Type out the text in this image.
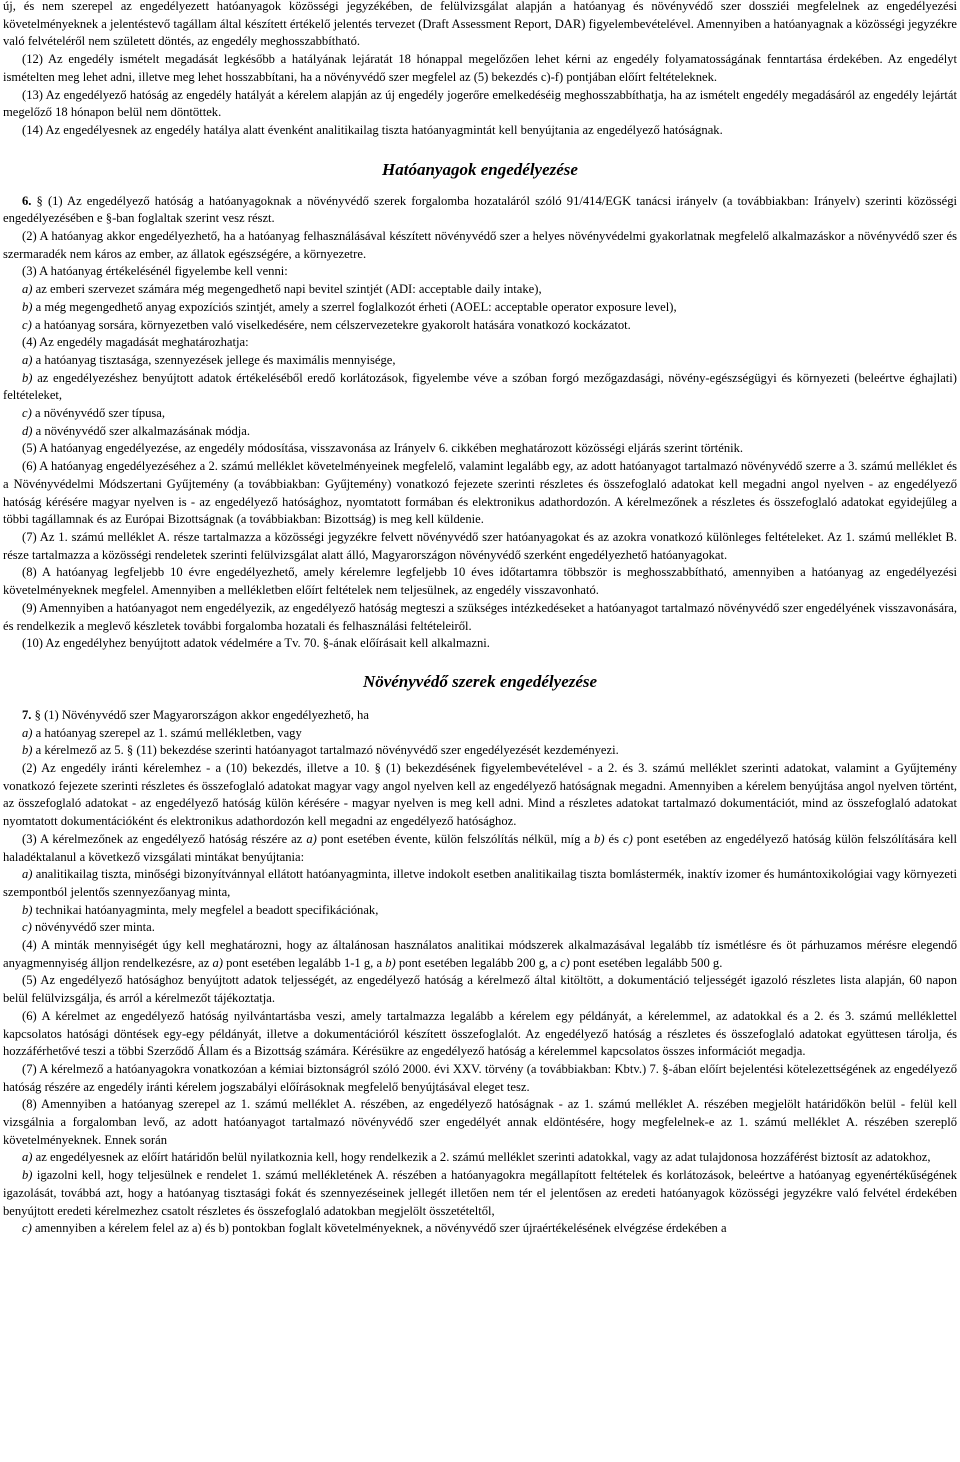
új, és nem szerepel az engedélyezett hatóanyagok közösségi jegyzékében, de felülvizsgálat alapján a hatóanyag és növényvédő szer dossziéi megfelelnek az engedélyezési követelményeknek a jelentéstevő tagállam által készített értékelő jelentés tervezet (Draft Assessment Report, DAR) figyelembevételével. Amennyiben a hatóanyagnak a közösségi jegyzékre való felvételéről nem született döntés, az engedély meghosszabbítható.

(12) Az engedély ismételt megadását legkésőbb a hatályának lejáratát 18 hónappal megelőzően lehet kérni az engedély folyamatosságának fenntartása érdekében. Az engedélyt ismételten meg lehet adni, illetve meg lehet hosszabbítani, ha a növényvédő szer megfelel az (5) bekezdés c)-f) pontjában előírt feltételeknek.

(13) Az engedélyező hatóság az engedély hatályát a kérelem alapján az új engedély jogerőre emelkedéséig meghosszabbíthatja, ha az ismételt engedély megadásáról az engedély lejártát megelőző 18 hónapon belül nem döntöttek.

(14) Az engedélyesnek az engedély hatálya alatt évenként analitikailag tiszta hatóanyagmintát kell benyújtania az engedélyező hatóságnak.

Hatóanyagok engedélyezése

6. § (1) Az engedélyező hatóság a hatóanyagoknak a növényvédő szerek forgalomba hozataláról szóló 91/414/EGK tanácsi irányelv (a továbbiakban: Irányelv) szerinti közösségi engedélyezésében e §-ban foglaltak szerint vesz részt.

(2) A hatóanyag akkor engedélyezhető, ha a hatóanyag felhasználásával készített növényvédő szer a helyes növényvédelmi gyakorlatnak megfelelő alkalmazáskor a növényvédő szer és szermaradék nem káros az ember, az állatok egészségére, a környezetre.

(3) A hatóanyag értékelésénél figyelembe kell venni:

a) az emberi szervezet számára még megengedhető napi bevitel szintjét (ADI: acceptable daily intake),

b) a még megengedhető anyag expozíciós szintjét, amely a szerrel foglalkozót érheti (AOEL: acceptable operator exposure level),

c) a hatóanyag sorsára, környezetben való viselkedésére, nem célszervezetekre gyakorolt hatására vonatkozó kockázatot.

(4) Az engedély magadását meghatározhatja:

a) a hatóanyag tisztasága, szennyezések jellege és maximális mennyisége,

b) az engedélyezéshez benyújtott adatok értékeléséből eredő korlátozások, figyelembe véve a szóban forgó mezőgazdasági, növény-egészségügyi és környezeti (beleértve éghajlati) feltételeket,

c) a növényvédő szer típusa,

d) a növényvédő szer alkalmazásának módja.

(5) A hatóanyag engedélyezése, az engedély módosítása, visszavonása az Irányelv 6. cikkében meghatározott közösségi eljárás szerint történik.

(6) A hatóanyag engedélyezéséhez a 2. számú melléklet követelményeinek megfelelő, valamint legalább egy, az adott hatóanyagot tartalmazó növényvédő szerre a 3. számú melléklet és a Növényvédelmi Módszertani Gyűjtemény (a továbbiakban: Gyűjtemény) vonatkozó fejezete szerinti részletes és összefoglaló adatokat kell megadni angol nyelven - az engedélyező hatóság kérésére magyar nyelven is - az engedélyező hatósághoz, nyomtatott formában és elektronikus adathordozón. A kérelmezőnek a részletes és összefoglaló adatokat egyidejűleg a többi tagállamnak és az Európai Bizottságnak (a továbbiakban: Bizottság) is meg kell küldenie.

(7) Az 1. számú melléklet A. része tartalmazza a közösségi jegyzékre felvett növényvédő szer hatóanyagokat és az azokra vonatkozó különleges feltételeket. Az 1. számú melléklet B. része tartalmazza a közösségi rendeletek szerinti felülvizsgálat alatt álló, Magyarországon növényvédő szerként engedélyezhető hatóanyagokat.

(8) A hatóanyag legfeljebb 10 évre engedélyezhető, amely kérelemre legfeljebb 10 éves időtartamra többször is meghosszabbítható, amennyiben a hatóanyag az engedélyezési követelményeknek megfelel. Amennyiben a mellékletben előírt feltételek nem teljesülnek, az engedély visszavonható.

(9) Amennyiben a hatóanyagot nem engedélyezik, az engedélyező hatóság megteszi a szükséges intézkedéseket a hatóanyagot tartalmazó növényvédő szer engedélyének visszavonására, és rendelkezik a meglevő készletek további forgalomba hozatali és felhasználási feltételeiről.

(10) Az engedélyhez benyújtott adatok védelmére a Tv. 70. §-ának előírásait kell alkalmazni.

Növényvédő szerek engedélyezése

7. § (1) Növényvédő szer Magyarországon akkor engedélyezhető, ha

a) a hatóanyag szerepel az 1. számú mellékletben, vagy

b) a kérelmező az 5. § (11) bekezdése szerinti hatóanyagot tartalmazó növényvédő szer engedélyezését kezdeményezi.

(2) Az engedély iránti kérelemhez - a (10) bekezdés, illetve a 10. § (1) bekezdésének figyelembevételével - a 2. és 3. számú melléklet szerinti adatokat, valamint a Gyűjtemény vonatkozó fejezete szerinti részletes és összefoglaló adatokat magyar vagy angol nyelven kell az engedélyező hatóságnak megadni. Amennyiben a kérelem benyújtása angol nyelven történt, az összefoglaló adatokat - az engedélyező hatóság külön kérésére - magyar nyelven is meg kell adni. Mind a részletes adatokat tartalmazó dokumentációt, mind az összefoglaló adatokat nyomtatott dokumentációként és elektronikus adathordozón kell megadni az engedélyező hatósághoz.

(3) A kérelmezőnek az engedélyező hatóság részére az a) pont esetében évente, külön felszólítás nélkül, míg a b) és c) pont esetében az engedélyező hatóság külön felszólítására kell haladéktalanul a következő vizsgálati mintákat benyújtania:

a) analitikailag tiszta, minőségi bizonyítvánnyal ellátott hatóanyagminta, illetve indokolt esetben analitikailag tiszta bomlástermék, inaktív izomer és humántoxikológiai vagy környezeti szempontból jelentős szennyezőanyag minta,

b) technikai hatóanyagminta, mely megfelel a beadott specifikációnak,

c) növényvédő szer minta.

(4) A minták mennyiségét úgy kell meghatározni, hogy az általánosan használatos analitikai módszerek alkalmazásával legalább tíz ismétlésre és öt párhuzamos mérésre elegendő anyagmennyiség álljon rendelkezésre, az a) pont esetében legalább 1-1 g, a b) pont esetében legalább 200 g, a c) pont esetében legalább 500 g.

(5) Az engedélyező hatósághoz benyújtott adatok teljességét, az engedélyező hatóság a kérelmező által kitöltött, a dokumentáció teljességét igazoló részletes lista alapján, 60 napon belül felülvizsgálja, és arról a kérelmezőt tájékoztatja.

(6) A kérelmet az engedélyező hatóság nyilvántartásba veszi, amely tartalmazza legalább a kérelem egy példányát, a kérelemmel, az adatokkal és a 2. és 3. számú melléklettel kapcsolatos hatósági döntések egy-egy példányát, illetve a dokumentációról készített összefoglalót. Az engedélyező hatóság a részletes és összefoglaló adatokat együttesen tárolja, és hozzáférhetővé teszi a többi Szerződő Állam és a Bizottság számára. Kérésükre az engedélyező hatóság a kérelemmel kapcsolatos összes információt megadja.

(7) A kérelmező a hatóanyagokra vonatkozóan a kémiai biztonságról szóló 2000. évi XXV. törvény (a továbbiakban: Kbtv.) 7. §-ában előírt bejelentési kötelezettségének az engedélyező hatóság részére az engedély iránti kérelem jogszabályi előírásoknak megfelelő benyújtásával eleget tesz.

(8) Amennyiben a hatóanyag szerepel az 1. számú melléklet A. részében, az engedélyező hatóságnak - az 1. számú melléklet A. részében megjelölt határidőkön belül - felül kell vizsgálnia a forgalomban levő, az adott hatóanyagot tartalmazó növényvédő szer engedélyét annak eldöntésére, hogy megfelelnek-e az 1. számú melléklet A. részében szereplő követelményeknek. Ennek során

a) az engedélyesnek az előírt határidőn belül nyilatkoznia kell, hogy rendelkezik a 2. számú melléklet szerinti adatokkal, vagy az adat tulajdonosa hozzáférést biztosít az adatokhoz,

b) igazolni kell, hogy teljesülnek e rendelet 1. számú mellékletének A. részében a hatóanyagokra megállapított feltételek és korlátozások, beleértve a hatóanyag egyenértékűségének igazolását, továbbá azt, hogy a hatóanyag tisztasági fokát és szennyezéseinek jellegét illetően nem tér el jelentősen az eredeti hatóanyagok közösségi jegyzékre való felvétel érdekében benyújtott eredeti kérelmezhez csatolt részletes és összefoglaló adatokban megjelölt összetételtől,

c) amennyiben a kérelem felel az a) és b) pontokban foglalt követelményeknek, a növényvédő szer újraértékelésének elvégzése érdekében a
